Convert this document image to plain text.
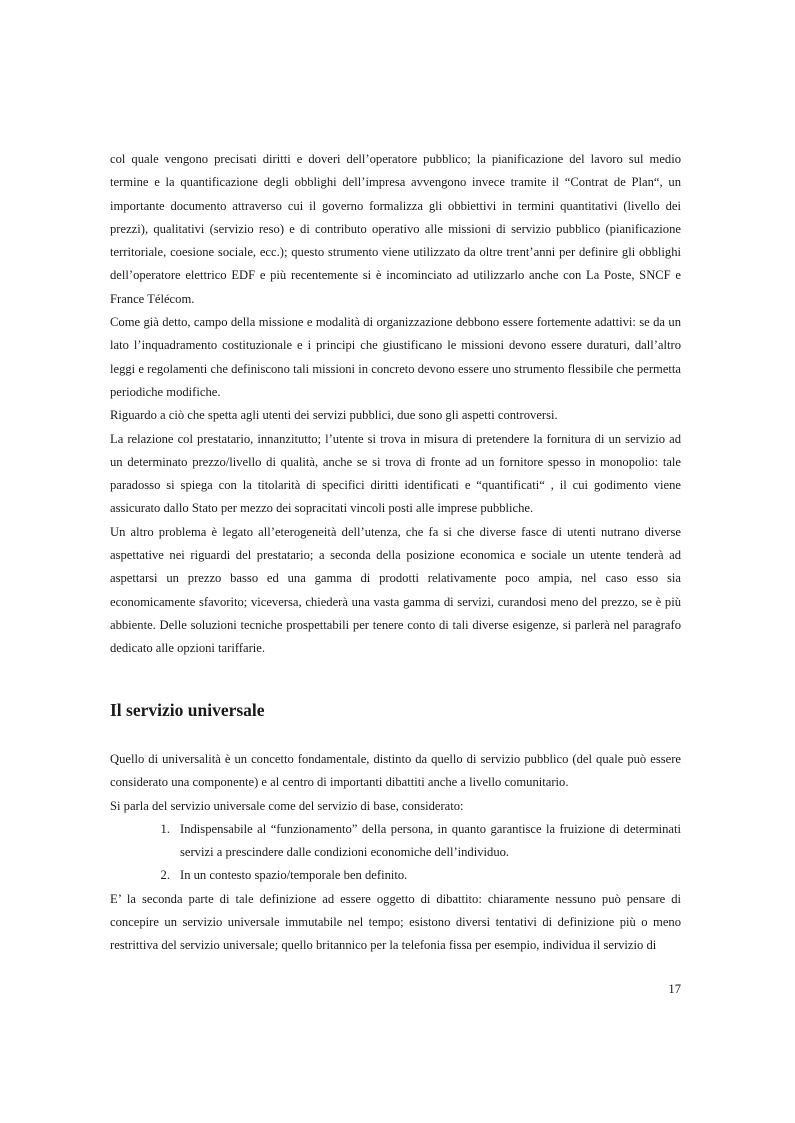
col quale vengono precisati diritti e doveri dell’operatore pubblico; la pianificazione del lavoro sul medio termine e la quantificazione degli obblighi dell’impresa avvengono invece tramite il “Contrat de Plan“, un importante documento attraverso cui il governo formalizza gli obbiettivi in termini quantitativi (livello dei prezzi), qualitativi (servizio reso) e di contributo operativo alle missioni di servizio pubblico (pianificazione territoriale, coesione sociale, ecc.); questo strumento viene utilizzato da oltre trent’anni per definire gli obblighi dell’operatore elettrico EDF e più recentemente si è incominciato ad utilizzarlo anche con La Poste, SNCF e France Télécom.

Come già detto, campo della missione e modalità di organizzazione debbono essere fortemente adattivi: se da un lato l’inquadramento costituzionale e i principi che giustificano le missioni devono essere duraturi, dall’altro leggi e regolamenti che definiscono tali missioni in concreto devono essere uno strumento flessibile che permetta periodiche modifiche.

Riguardo a ciò che spetta agli utenti dei servizi pubblici, due sono gli aspetti controversi.

La relazione col prestatario, innanzitutto; l’utente si trova in misura di pretendere la fornitura di un servizio ad un determinato prezzo/livello di qualità, anche se si trova di fronte ad un fornitore spesso in monopolio: tale paradosso si spiega con la titolarità di specifici diritti identificati e “quantificati“ , il cui godimento viene assicurato dallo Stato per mezzo dei sopracitati vincoli posti alle imprese pubbliche.

Un altro problema è legato all’eterogeneità dell’utenza, che fa si che diverse fasce di utenti nutrano diverse aspettative nei riguardi del prestatario; a seconda della posizione economica e sociale un utente tenderà ad aspettarsi un prezzo basso ed una gamma di prodotti relativamente poco ampia, nel caso esso sia economicamente sfavorito; viceversa, chiederà una vasta gamma di servizi, curandosi meno del prezzo, se è più abbiente. Delle soluzioni tecniche prospettabili per tenere conto di tali diverse esigenze, si parlerà nel paragrafo dedicato alle opzioni tariffarie.

Il servizio universale

Quello di universalità è un concetto fondamentale, distinto da quello di servizio pubblico (del quale può essere considerato una componente) e al centro di importanti dibattiti anche a livello comunitario.

Si parla del servizio universale come del servizio di base, considerato:

1. Indispensabile al “funzionamento” della persona, in quanto garantisce la fruizione di determinati servizi a prescindere dalle condizioni economiche dell’individuo.
2. In un contesto spazio/temporale ben definito.

E’ la seconda parte di tale definizione ad essere oggetto di dibattito: chiaramente nessuno può pensare di concepire un servizio universale immutabile nel tempo; esistono diversi tentativi di definizione più o meno restrittiva del servizio universale; quello britannico per la telefonia fissa per esempio, individua il servizio di

17
